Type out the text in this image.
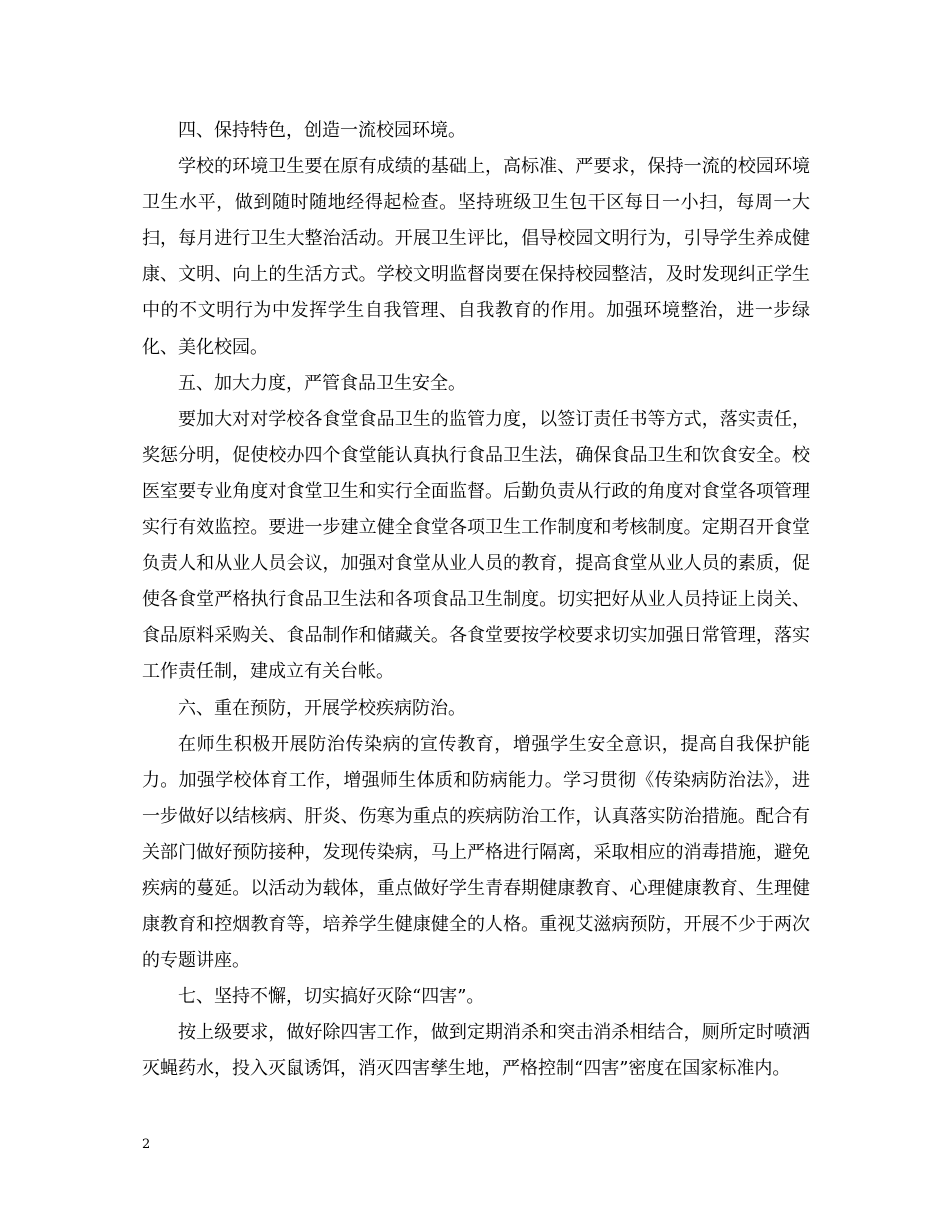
四、保持特色，创造一流校园环境。

学校的环境卫生要在原有成绩的基础上，高标准、严要求，保持一流的校园环境卫生水平，做到随时随地经得起检查。坚持班级卫生包干区每日一小扫，每周一大扫，每月进行卫生大整治活动。开展卫生评比，倡导校园文明行为，引导学生养成健康、文明、向上的生活方式。学校文明监督岗要在保持校园整洁，及时发现纠正学生中的不文明行为中发挥学生自我管理、自我教育的作用。加强环境整治，进一步绿化、美化校园。

五、加大力度，严管食品卫生安全。

要加大对对学校各食堂食品卫生的监管力度，以签订责任书等方式，落实责任，奖惩分明，促使校办四个食堂能认真执行食品卫生法，确保食品卫生和饮食安全。校医室要专业角度对食堂卫生和实行全面监督。后勤负责从行政的角度对食堂各项管理实行有效监控。要进一步建立健全食堂各项卫生工作制度和考核制度。定期召开食堂负责人和从业人员会议，加强对食堂从业人员的教育，提高食堂从业人员的素质，促使各食堂严格执行食品卫生法和各项食品卫生制度。切实把好从业人员持证上岗关、食品原料采购关、食品制作和储藏关。各食堂要按学校要求切实加强日常管理，落实工作责任制，建成立有关台帐。

六、重在预防，开展学校疾病防治。

在师生积极开展防治传染病的宣传教育，增强学生安全意识，提高自我保护能力。加强学校体育工作，增强师生体质和防病能力。学习贯彻《传染病防治法》，进一步做好以结核病、肝炎、伤寒为重点的疾病防治工作，认真落实防治措施。配合有关部门做好预防接种，发现传染病，马上严格进行隔离，采取相应的消毒措施，避免疾病的蔓延。以活动为载体，重点做好学生青春期健康教育、心理健康教育、生理健康教育和控烟教育等，培养学生健康健全的人格。重视艾滋病预防，开展不少于两次的专题讲座。

七、坚持不懈，切实搞好灭除“四害”。

按上级要求，做好除四害工作，做到定期消杀和突击消杀相结合，厕所定时喷洒灭蝇药水，投入灭鼠诱饵，消灭四害孳生地，严格控制“四害”密度在国家标准内。

2
